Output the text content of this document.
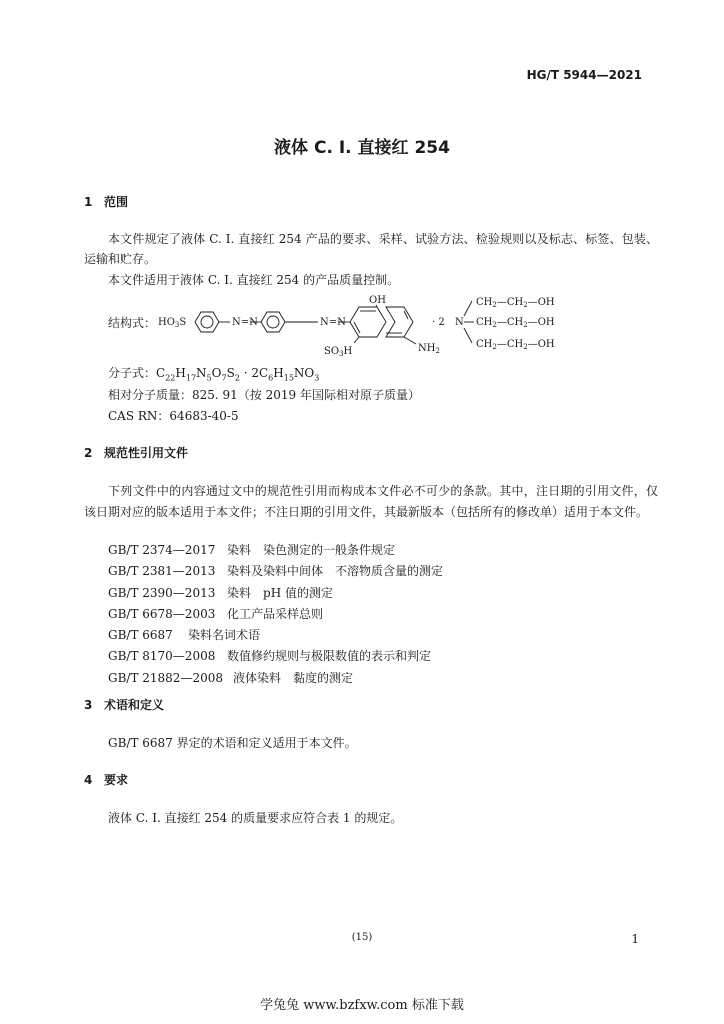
HG/T 5944—2021
液体 C. I. 直接红 254
1 范围
本文件规定了液体 C. I. 直接红 254 产品的要求、采样、试验方法、检验规则以及标志、标签、包装、运输和贮存。
本文件适用于液体 C. I. 直接红 254 的产品质量控制。
结构式： $HO_3S$	N=N	N=N
OH
$SO_3H$	$NH_2$
· 2 N
$CH_2—CH_2—OH$
$CH_2—CH_2—OH$
$CH_2—CH_2—OH$
分子式：$C_{22}H_{17}N_5O_7S_2 \cdot 2C_6H_{15}NO_3$
相对分子质量：825. 91（按 2019 年国际相对原子质量）
CAS RN：64683-40-5
2 规范性引用文件
下列文件中的内容通过文中的规范性引用而构成本文件必不可少的条款。其中，注日期的引用文件，仅该日期对应的版本适用于本文件；不注日期的引用文件，其最新版本（包括所有的修改单）适用于本文件。
GB/T 2374—2017 染料 染色测定的一般条件规定
GB/T 2381—2013 染料及染料中间体 不溶物质含量的测定
GB/T 2390—2013 染料 pH 值的测定
GB/T 6678—2003 化工产品采样总则
GB/T 6687 染料名词术语
GB/T 8170—2008 数值修约规则与极限数值的表示和判定
GB/T 21882—2008 液体染料 黏度的测定
3 术语和定义
GB/T 6687 界定的术语和定义适用于本文件。
4 要求
液体 C. I. 直接红 254 的质量要求应符合表 1 的规定。
(15)	1
学兔兔 www.bzfxw.com 标准下载
